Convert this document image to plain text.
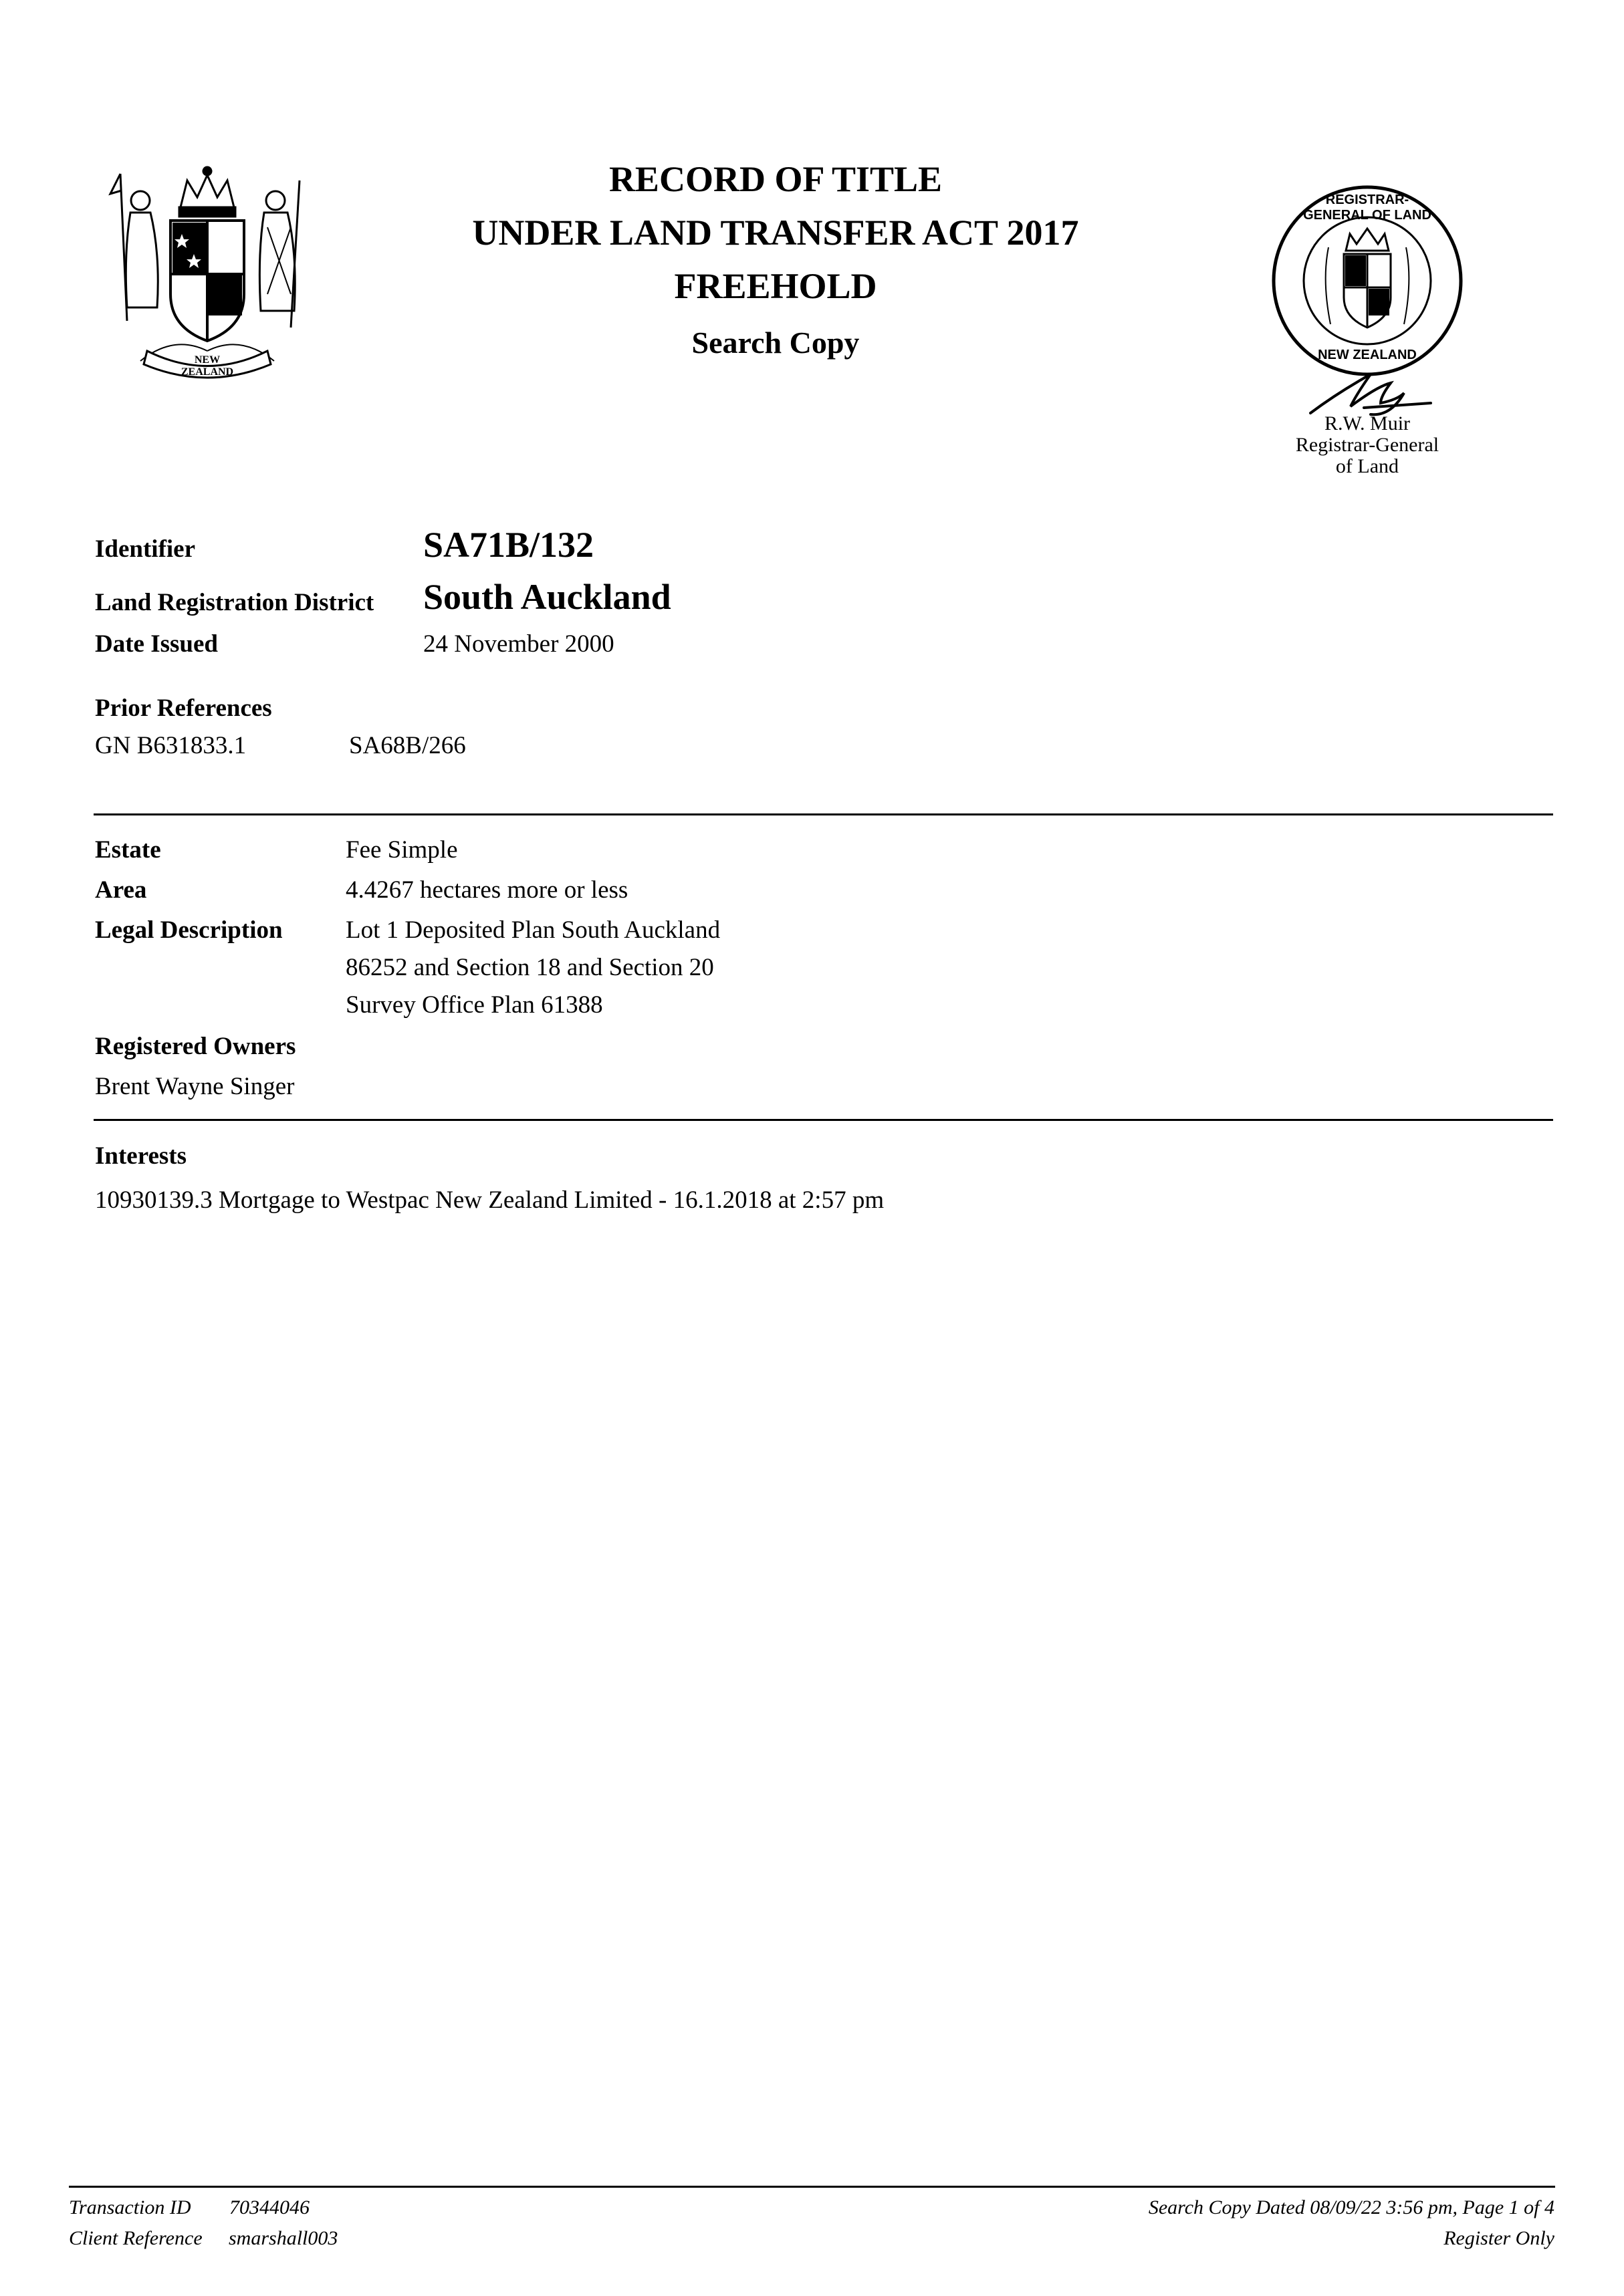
NEW ZEALAND
RECORD OF TITLE
UNDER LAND TRANSFER ACT 2017
FREEHOLD
Search Copy
REGISTRAR-GENERAL OF LAND
NEW ZEALAND
R.W. Muir
Registrar-General
of Land
Identifier	SA71B/132
Land Registration District South Auckland
Date Issued	24 November 2000
Prior References
GN B631833.1	SA68B/266
Estate	Fee Simple
Area	4.4267 hectares more or less
Legal Description	Lot 1 Deposited Plan South Auckland
86252 and Section 18 and Section 20
Survey Office Plan 61388
Registered Owners
Brent Wayne Singer
Interests
10930139.3 Mortgage to Westpac New Zealand Limited - 16.1.2018 at 2:57 pm
Transaction ID 70344046
Client Reference smarshall003
Search Copy Dated 08/09/22 3:56 pm, Page 1 of 4
Register Only
